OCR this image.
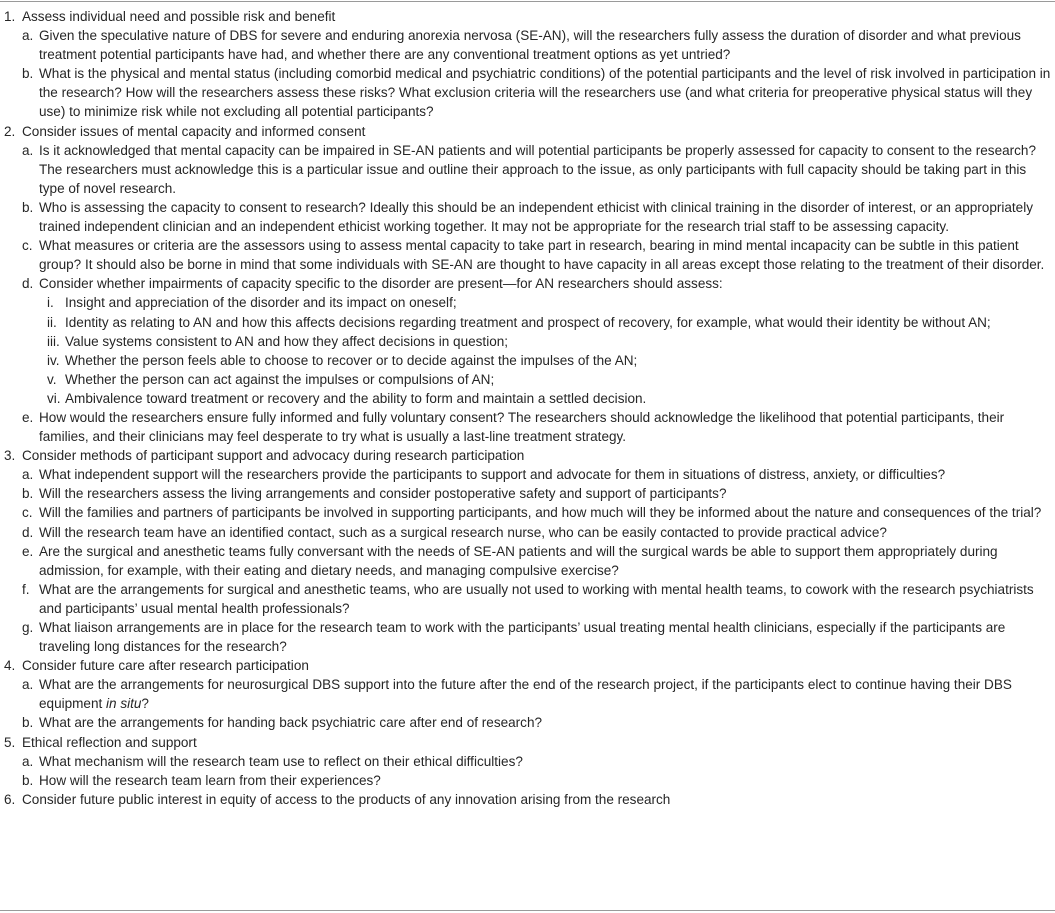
1. Assess individual need and possible risk and benefit
a. Given the speculative nature of DBS for severe and enduring anorexia nervosa (SE-AN), will the researchers fully assess the duration of disorder and what previous treatment potential participants have had, and whether there are any conventional treatment options as yet untried?
b. What is the physical and mental status (including comorbid medical and psychiatric conditions) of the potential participants and the level of risk involved in participation in the research? How will the researchers assess these risks? What exclusion criteria will the researchers use (and what criteria for preoperative physical status will they use) to minimize risk while not excluding all potential participants?
2. Consider issues of mental capacity and informed consent
a. Is it acknowledged that mental capacity can be impaired in SE-AN patients and will potential participants be properly assessed for capacity to consent to the research? The researchers must acknowledge this is a particular issue and outline their approach to the issue, as only participants with full capacity should be taking part in this type of novel research.
b. Who is assessing the capacity to consent to research? Ideally this should be an independent ethicist with clinical training in the disorder of interest, or an appropriately trained independent clinician and an independent ethicist working together. It may not be appropriate for the research trial staff to be assessing capacity.
c. What measures or criteria are the assessors using to assess mental capacity to take part in research, bearing in mind mental incapacity can be subtle in this patient group? It should also be borne in mind that some individuals with SE-AN are thought to have capacity in all areas except those relating to the treatment of their disorder.
d. Consider whether impairments of capacity specific to the disorder are present—for AN researchers should assess:
i. Insight and appreciation of the disorder and its impact on oneself;
ii. Identity as relating to AN and how this affects decisions regarding treatment and prospect of recovery, for example, what would their identity be without AN;
iii. Value systems consistent to AN and how they affect decisions in question;
iv. Whether the person feels able to choose to recover or to decide against the impulses of the AN;
v. Whether the person can act against the impulses or compulsions of AN;
vi. Ambivalence toward treatment or recovery and the ability to form and maintain a settled decision.
e. How would the researchers ensure fully informed and fully voluntary consent? The researchers should acknowledge the likelihood that potential participants, their families, and their clinicians may feel desperate to try what is usually a last-line treatment strategy.
3. Consider methods of participant support and advocacy during research participation
a. What independent support will the researchers provide the participants to support and advocate for them in situations of distress, anxiety, or difficulties?
b. Will the researchers assess the living arrangements and consider postoperative safety and support of participants?
c. Will the families and partners of participants be involved in supporting participants, and how much will they be informed about the nature and consequences of the trial?
d. Will the research team have an identified contact, such as a surgical research nurse, who can be easily contacted to provide practical advice?
e. Are the surgical and anesthetic teams fully conversant with the needs of SE-AN patients and will the surgical wards be able to support them appropriately during admission, for example, with their eating and dietary needs, and managing compulsive exercise?
f. What are the arrangements for surgical and anesthetic teams, who are usually not used to working with mental health teams, to cowork with the research psychiatrists and participants’ usual mental health professionals?
g. What liaison arrangements are in place for the research team to work with the participants’ usual treating mental health clinicians, especially if the participants are traveling long distances for the research?
4. Consider future care after research participation
a. What are the arrangements for neurosurgical DBS support into the future after the end of the research project, if the participants elect to continue having their DBS equipment in situ?
b. What are the arrangements for handing back psychiatric care after end of research?
5. Ethical reflection and support
a. What mechanism will the research team use to reflect on their ethical difficulties?
b. How will the research team learn from their experiences?
6. Consider future public interest in equity of access to the products of any innovation arising from the research
